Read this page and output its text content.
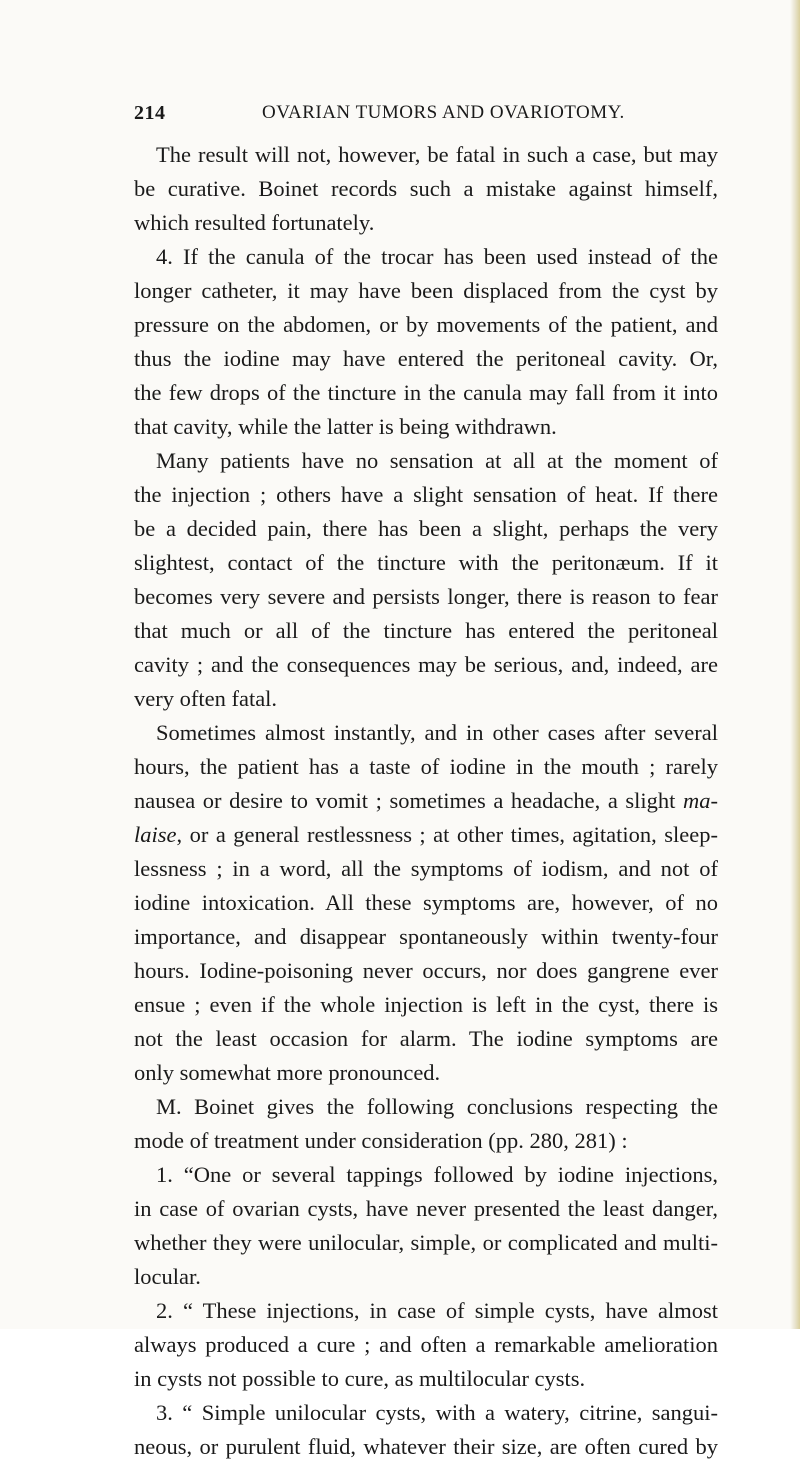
214	OVARIAN TUMORS AND OVARIOTOMY.
The result will not, however, be fatal in such a case, but may
be curative. Boinet records such a mistake against himself,
which resulted fortunately.
4. If the canula of the trocar has been used instead of the
longer catheter, it may have been displaced from the cyst by
pressure on the abdomen, or by movements of the patient, and
thus the iodine may have entered the peritoneal cavity. Or,
the few drops of the tincture in the canula may fall from it into
that cavity, while the latter is being withdrawn.
Many patients have no sensation at all at the moment of
the injection ; others have a slight sensation of heat. If there
be a decided pain, there has been a slight, perhaps the very
slightest, contact of the tincture with the peritonæum. If it
becomes very severe and persists longer, there is reason to fear
that much or all of the tincture has entered the peritoneal
cavity ; and the consequences may be serious, and, indeed, are
very often fatal.
Sometimes almost instantly, and in other cases after several
hours, the patient has a taste of iodine in the mouth ; rarely
nausea or desire to vomit ; sometimes a headache, a slight ma-
laise, or a general restlessness ; at other times, agitation, sleep-
lessness ; in a word, all the symptoms of iodism, and not of
iodine intoxication. All these symptoms are, however, of no
importance, and disappear spontaneously within twenty-four
hours. Iodine-poisoning never occurs, nor does gangrene ever
ensue ; even if the whole injection is left in the cyst, there is
not the least occasion for alarm. The iodine symptoms are
only somewhat more pronounced.
M. Boinet gives the following conclusions respecting the
mode of treatment under consideration (pp. 280, 281) :
1. “One or several tappings followed by iodine injections,
in case of ovarian cysts, have never presented the least danger,
whether they were unilocular, simple, or complicated and multi-
locular.
2. “ These injections, in case of simple cysts, have almost
always produced a cure ; and often a remarkable amelioration
in cysts not possible to cure, as multilocular cysts.
3. “ Simple unilocular cysts, with a watery, citrine, sangui-
neous, or purulent fluid, whatever their size, are often cured by
